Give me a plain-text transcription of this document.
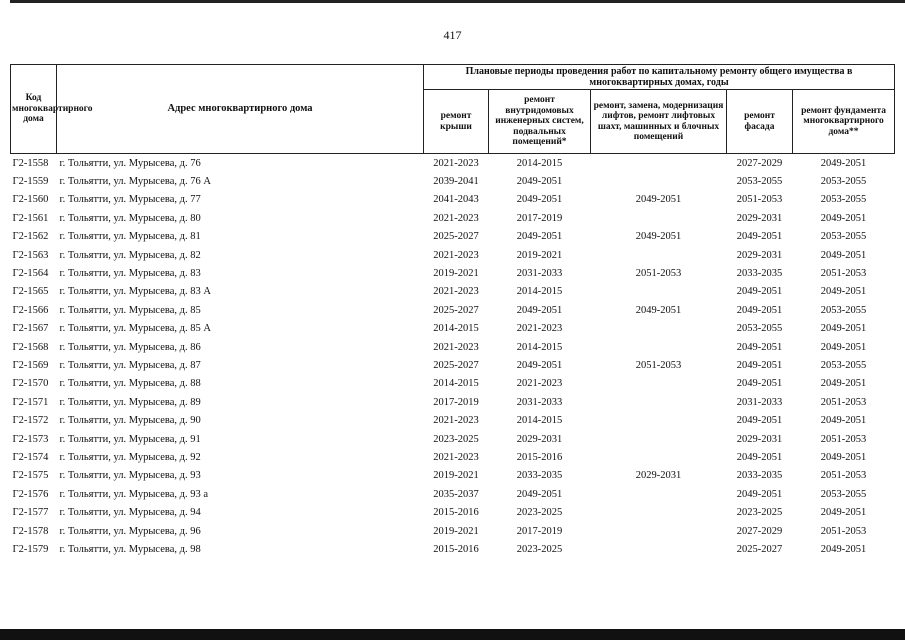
417
Код многоквартирного дома	Адрес многоквартирного дома	Плановые периоды проведения работ по капитальному ремонту общего имущества в многоквартирных домах, годы				
		ремонт крыши	ремонт внутридомовых инженерных систем, подвальных помещений*	ремонт, замена, модернизация лифтов, ремонт лифтовых шахт, машинных и блочных помещений	ремонт фасада	ремонт фундамента многоквартирного дома**
Г2-1558	г. Тольятти, ул. Мурысева, д. 76	2021-2023	2014-2015		2027-2029	2049-2051
Г2-1559	г. Тольятти, ул. Мурысева, д. 76 А	2039-2041	2049-2051		2053-2055	2053-2055
Г2-1560	г. Тольятти, ул. Мурысева, д. 77	2041-2043	2049-2051	2049-2051	2051-2053	2053-2055
Г2-1561	г. Тольятти, ул. Мурысева, д. 80	2021-2023	2017-2019		2029-2031	2049-2051
Г2-1562	г. Тольятти, ул. Мурысева, д. 81	2025-2027	2049-2051	2049-2051	2049-2051	2053-2055
Г2-1563	г. Тольятти, ул. Мурысева, д. 82	2021-2023	2019-2021		2029-2031	2049-2051
Г2-1564	г. Тольятти, ул. Мурысева, д. 83	2019-2021	2031-2033	2051-2053	2033-2035	2051-2053
Г2-1565	г. Тольятти, ул. Мурысева, д. 83 А	2021-2023	2014-2015		2049-2051	2049-2051
Г2-1566	г. Тольятти, ул. Мурысева, д. 85	2025-2027	2049-2051	2049-2051	2049-2051	2053-2055
Г2-1567	г. Тольятти, ул. Мурысева, д. 85 А	2014-2015	2021-2023		2053-2055	2049-2051
Г2-1568	г. Тольятти, ул. Мурысева, д. 86	2021-2023	2014-2015		2049-2051	2049-2051
Г2-1569	г. Тольятти, ул. Мурысева, д. 87	2025-2027	2049-2051	2051-2053	2049-2051	2053-2055
Г2-1570	г. Тольятти, ул. Мурысева, д. 88	2014-2015	2021-2023		2049-2051	2049-2051
Г2-1571	г. Тольятти, ул. Мурысева, д. 89	2017-2019	2031-2033		2031-2033	2051-2053
Г2-1572	г. Тольятти, ул. Мурысева, д. 90	2021-2023	2014-2015		2049-2051	2049-2051
Г2-1573	г. Тольятти, ул. Мурысева, д. 91	2023-2025	2029-2031		2029-2031	2051-2053
Г2-1574	г. Тольятти, ул. Мурысева, д. 92	2021-2023	2015-2016		2049-2051	2049-2051
Г2-1575	г. Тольятти, ул. Мурысева, д. 93	2019-2021	2033-2035	2029-2031	2033-2035	2051-2053
Г2-1576	г. Тольятти, ул. Мурысева, д. 93 а	2035-2037	2049-2051		2049-2051	2053-2055
Г2-1577	г. Тольятти, ул. Мурысева, д. 94	2015-2016	2023-2025		2023-2025	2049-2051
Г2-1578	г. Тольятти, ул. Мурысева, д. 96	2019-2021	2017-2019		2027-2029	2051-2053
Г2-1579	г. Тольятти, ул. Мурысева, д. 98	2015-2016	2023-2025		2025-2027	2049-2051
